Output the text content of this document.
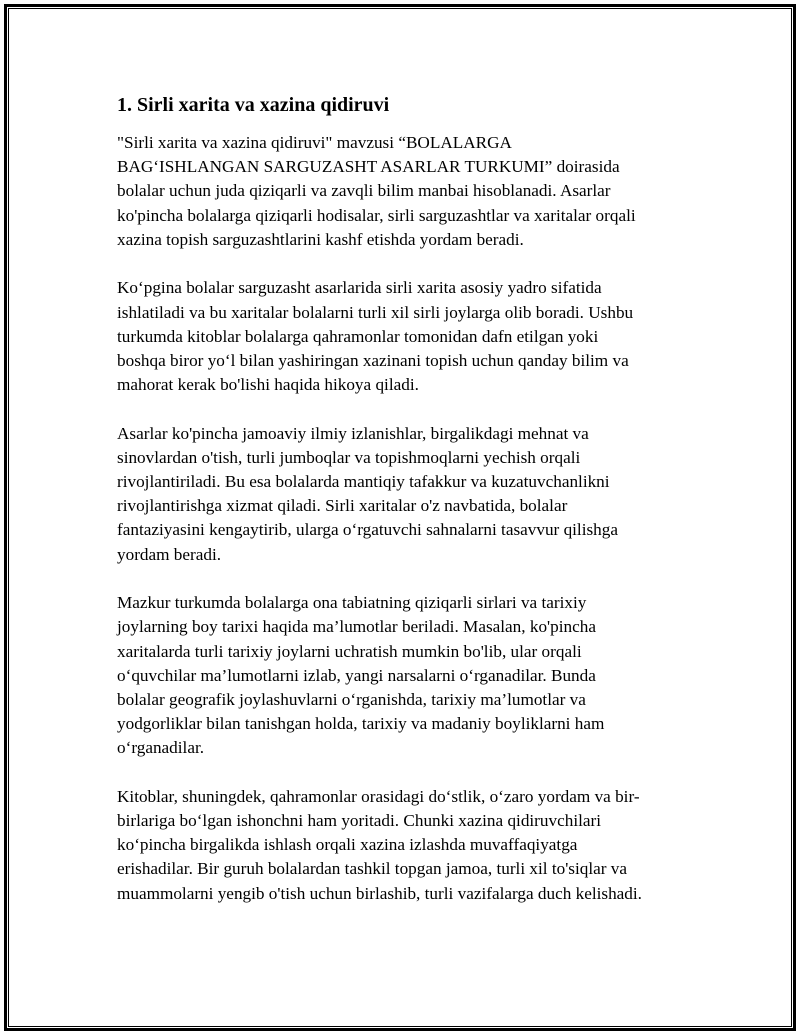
1. Sirli xarita va xazina qidiruvi

"Sirli xarita va xazina qidiruvi" mavzusi “BOLALARGA
BAG‘ISHLANGAN SARGUZASHT ASARLAR TURKUMI” doirasida
bolalar uchun juda qiziqarli va zavqli bilim manbai hisoblanadi. Asarlar
ko'pincha bolalarga qiziqarli hodisalar, sirli sarguzashtlar va xaritalar orqali
xazina topish sarguzashtlarini kashf etishda yordam beradi.

Ko‘pgina bolalar sarguzasht asarlarida sirli xarita asosiy yadro sifatida
ishlatiladi va bu xaritalar bolalarni turli xil sirli joylarga olib boradi. Ushbu
turkumda kitoblar bolalarga qahramonlar tomonidan dafn etilgan yoki
boshqa biror yo‘l bilan yashiringan xazinani topish uchun qanday bilim va
mahorat kerak bo'lishi haqida hikoya qiladi.

Asarlar ko'pincha jamoaviy ilmiy izlanishlar, birgalikdagi mehnat va
sinovlardan o'tish, turli jumboqlar va topishmoqlarni yechish orqali
rivojlantiriladi. Bu esa bolalarda mantiqiy tafakkur va kuzatuvchanlikni
rivojlantirishga xizmat qiladi. Sirli xaritalar o'z navbatida, bolalar
fantaziyasini kengaytirib, ularga o‘rgatuvchi sahnalarni tasavvur qilishga
yordam beradi.

Mazkur turkumda bolalarga ona tabiatning qiziqarli sirlari va tarixiy
joylarning boy tarixi haqida ma’lumotlar beriladi. Masalan, ko'pincha
xaritalarda turli tarixiy joylarni uchratish mumkin bo'lib, ular orqali
o‘quvchilar ma’lumotlarni izlab, yangi narsalarni o‘rganadilar. Bunda
bolalar geografik joylashuvlarni o‘rganishda, tarixiy ma’lumotlar va
yodgorliklar bilan tanishgan holda, tarixiy va madaniy boyliklarni ham
o‘rganadilar.

Kitoblar, shuningdek, qahramonlar orasidagi do‘stlik, o‘zaro yordam va bir-
birlariga bo‘lgan ishonchni ham yoritadi. Chunki xazina qidiruvchilari
ko‘pincha birgalikda ishlash orqali xazina izlashda muvaffaqiyatga
erishadilar. Bir guruh bolalardan tashkil topgan jamoa, turli xil to'siqlar va
muammolarni yengib o'tish uchun birlashib, turli vazifalarga duch kelishadi.
